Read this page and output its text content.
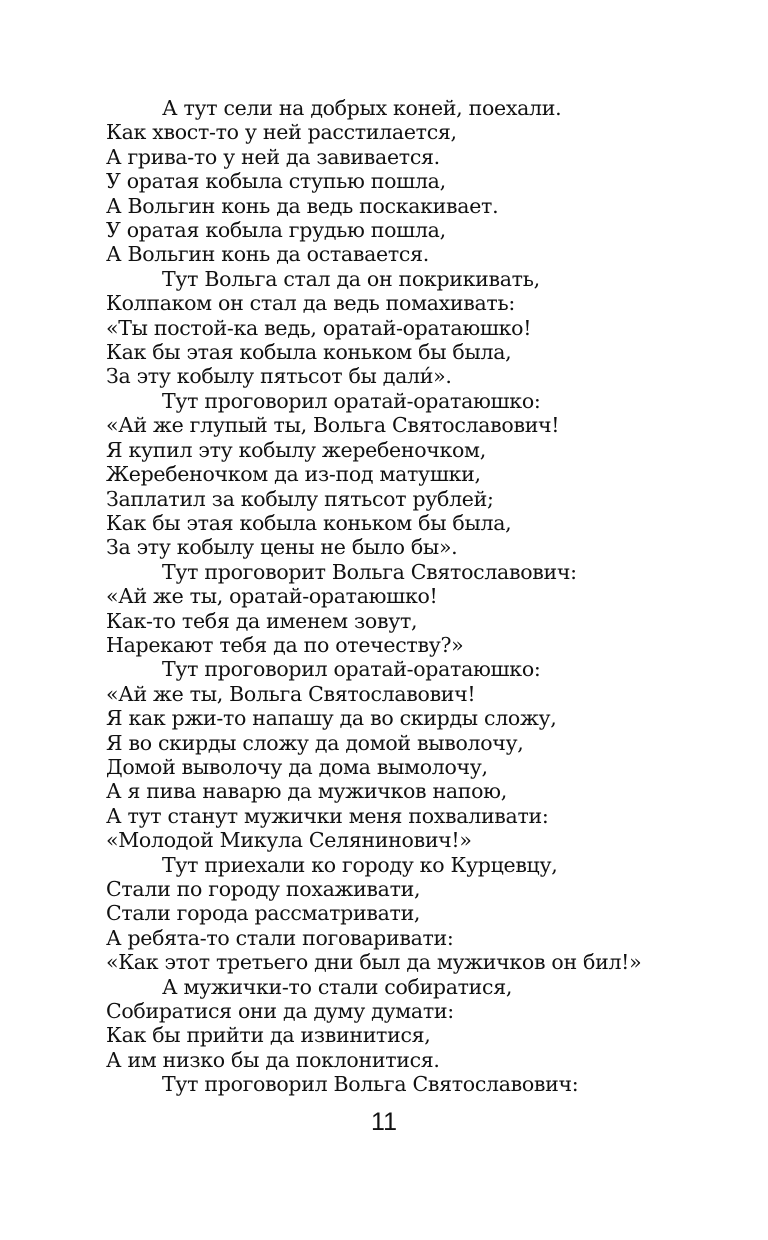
А тут сели на добрых коней, поехали.
Как хвост-то у ней расстилается,
А грива-то у ней да завивается.
У оратая кобыла ступью пошла,
А Вольгин конь да ведь поскакивает.
У оратая кобыла грудью пошла,
А Вольгин конь да оставается.
Тут Вольга стал да он покрикивать,
Колпаком он стал да ведь помахивать:
«Ты постой-ка ведь, оратай-оратаюшко!
Как бы этая кобыла коньком бы была,
За эту кобылу пятьсот бы дали́».
Тут проговорил оратай-оратаюшко:
«Ай же глупый ты, Вольга Святославович!
Я купил эту кобылу жеребеночком,
Жеребеночком да из-под матушки,
Заплатил за кобылу пятьсот рублей;
Как бы этая кобыла коньком бы была,
За эту кобылу цены не было бы».
Тут проговорит Вольга Святославович:
«Ай же ты, оратай-оратаюшко!
Как-то тебя да именем зовут,
Нарекают тебя да по отечеству?»
Тут проговорил оратай-оратаюшко:
«Ай же ты, Вольга Святославович!
Я как ржи-то напашу да во скирды сложу,
Я во скирды сложу да домой выволочу,
Домой выволочу да дома вымолочу,
А я пива наварю да мужичков напою,
А тут станут мужички меня похваливати:
«Молодой Микула Селянинович!»
Тут приехали ко городу ко Курцевцу,
Стали по городу похаживати,
Стали города рассматривати,
А ребята-то стали поговаривати:
«Как этот третьего дни был да мужичков он бил!»
А мужички-то стали собиратися,
Собиратися они да думу думати:
Как бы прийти да извинитися,
А им низко бы да поклонитися.
Тут проговорил Вольга Святославович:
11
